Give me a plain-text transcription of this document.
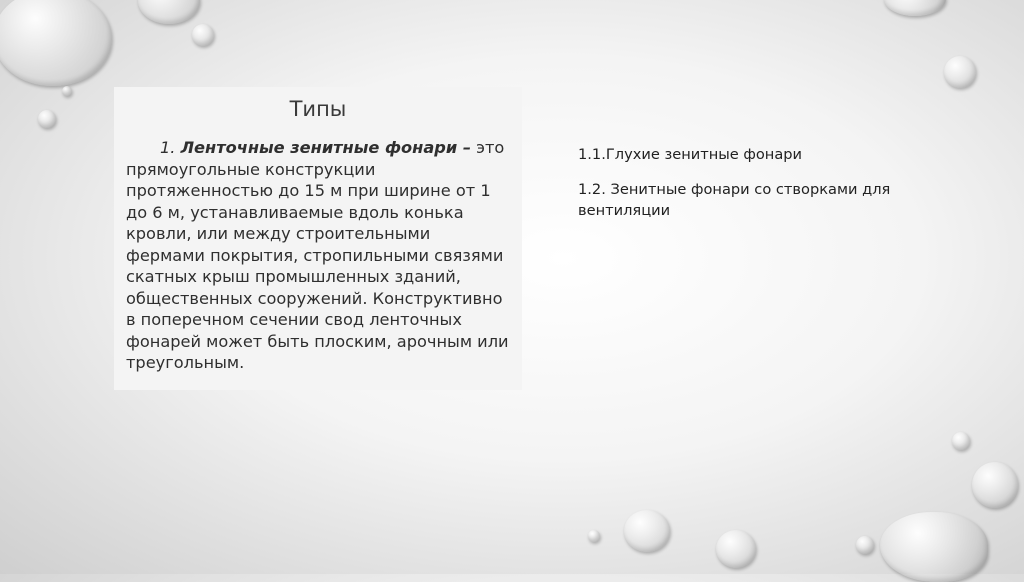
Типы
1. Ленточные зенитные фонари – это прямоугольные конструкции протяженностью до 15 м при ширине от 1 до 6 м, устанавливаемые вдоль конька кровли, или между строительными фермами покрытия, стропильными связями скатных крыш промышленных зданий, общественных сооружений. Конструктивно в поперечном сечении свод ленточных фонарей может быть плоским, арочным или треугольным.

1.1.Глухие зенитные фонари

1.2. Зенитные фонари со створками для вентиляции
